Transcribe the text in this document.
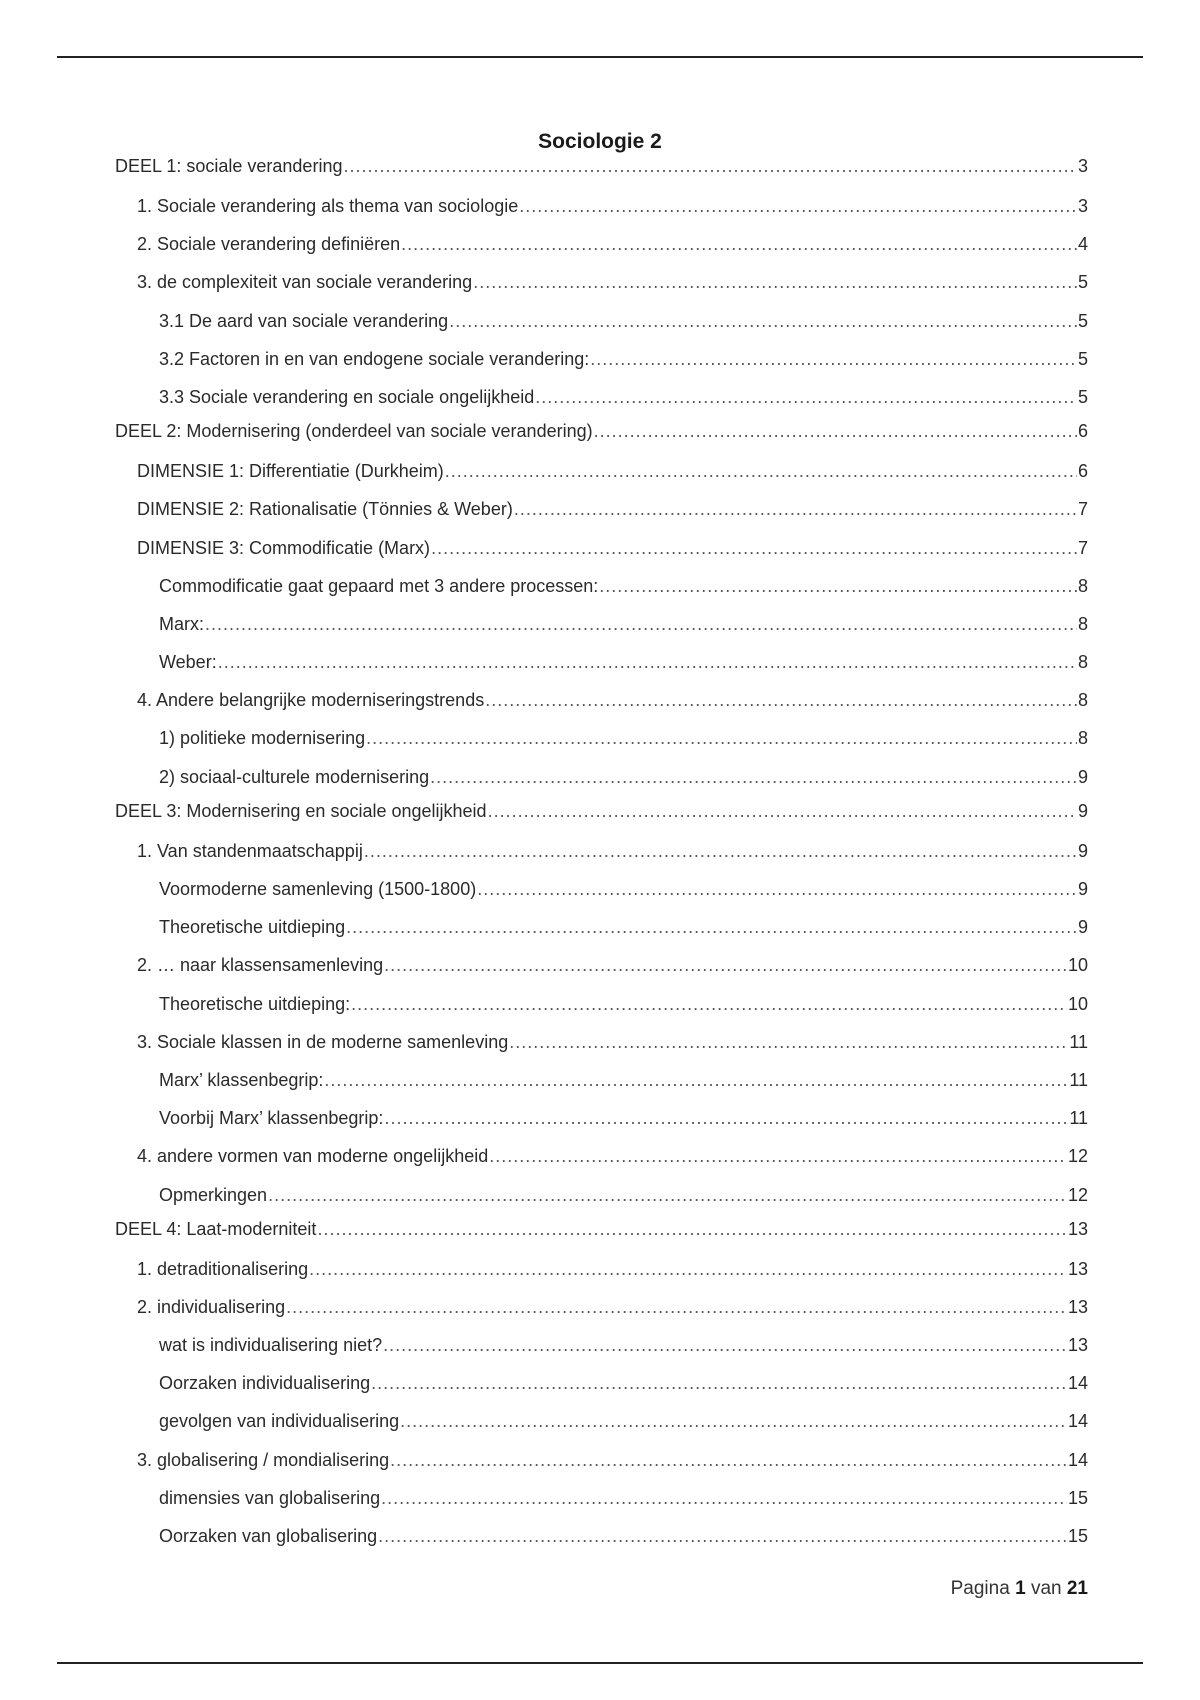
Sociologie 2
DEEL 1: sociale verandering .....	3
1. Sociale verandering als thema van sociologie .....	3
2. Sociale verandering definiëren .....	4
3. de complexiteit van sociale verandering .....	5
3.1 De aard van sociale verandering .....	5
3.2 Factoren in en van endogene sociale verandering: .....	5
3.3 Sociale verandering en sociale ongelijkheid .....	5
DEEL 2: Modernisering (onderdeel van sociale verandering) .....	6
DIMENSIE 1: Differentiatie (Durkheim) .....	6
DIMENSIE 2: Rationalisatie (Tönnies & Weber) .....	7
DIMENSIE 3: Commodificatie (Marx) .....	7
Commodificatie gaat gepaard met 3 andere processen: .....	8
Marx: .....	8
Weber: .....	8
4. Andere belangrijke moderniseringstrends .....	8
1) politieke modernisering .....	8
2) sociaal-culturele modernisering .....	9
DEEL 3: Modernisering en sociale ongelijkheid .....	9
1. Van standenmaatschappij .....	9
Voormoderne samenleving (1500-1800) .....	9
Theoretische uitdieping .....	9
2. … naar klassensamenleving .....	10
Theoretische uitdieping: .....	10
3. Sociale klassen in de moderne samenleving .....	11
Marx’ klassenbegrip: .....	11
Voorbij Marx’ klassenbegrip: .....	11
4. andere vormen van moderne ongelijkheid .....	12
Opmerkingen .....	12
DEEL 4: Laat-moderniteit .....	13
1. detraditionalisering .....	13
2. individualisering .....	13
wat is individualisering niet? .....	13
Oorzaken individualisering .....	14
gevolgen van individualisering .....	14
3. globalisering / mondialisering .....	14
dimensies van globalisering .....	15
Oorzaken van globalisering .....	15
Pagina 1 van 21
